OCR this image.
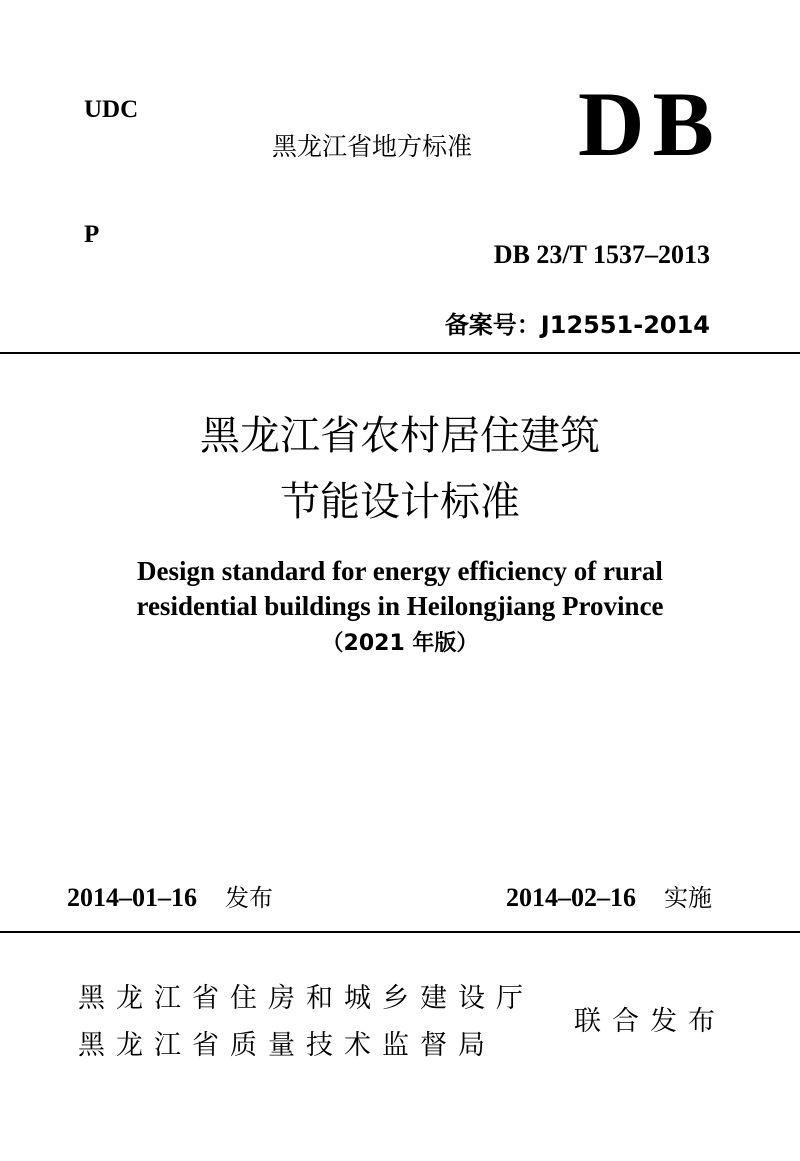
UDC
黑龙江省地方标准 DB
P
DB 23/T 1537–2013
备案号：J12551-2014
黑龙江省农村居住建筑
节能设计标准
Design standard for energy efficiency of rural
residential buildings in Heilongjiang Province
（2021 年版）
2014–01–16 发布	2014–02–16 实施
黑龙江省住房和城乡建设厅
黑龙江省质量技术监督局
联合发布
